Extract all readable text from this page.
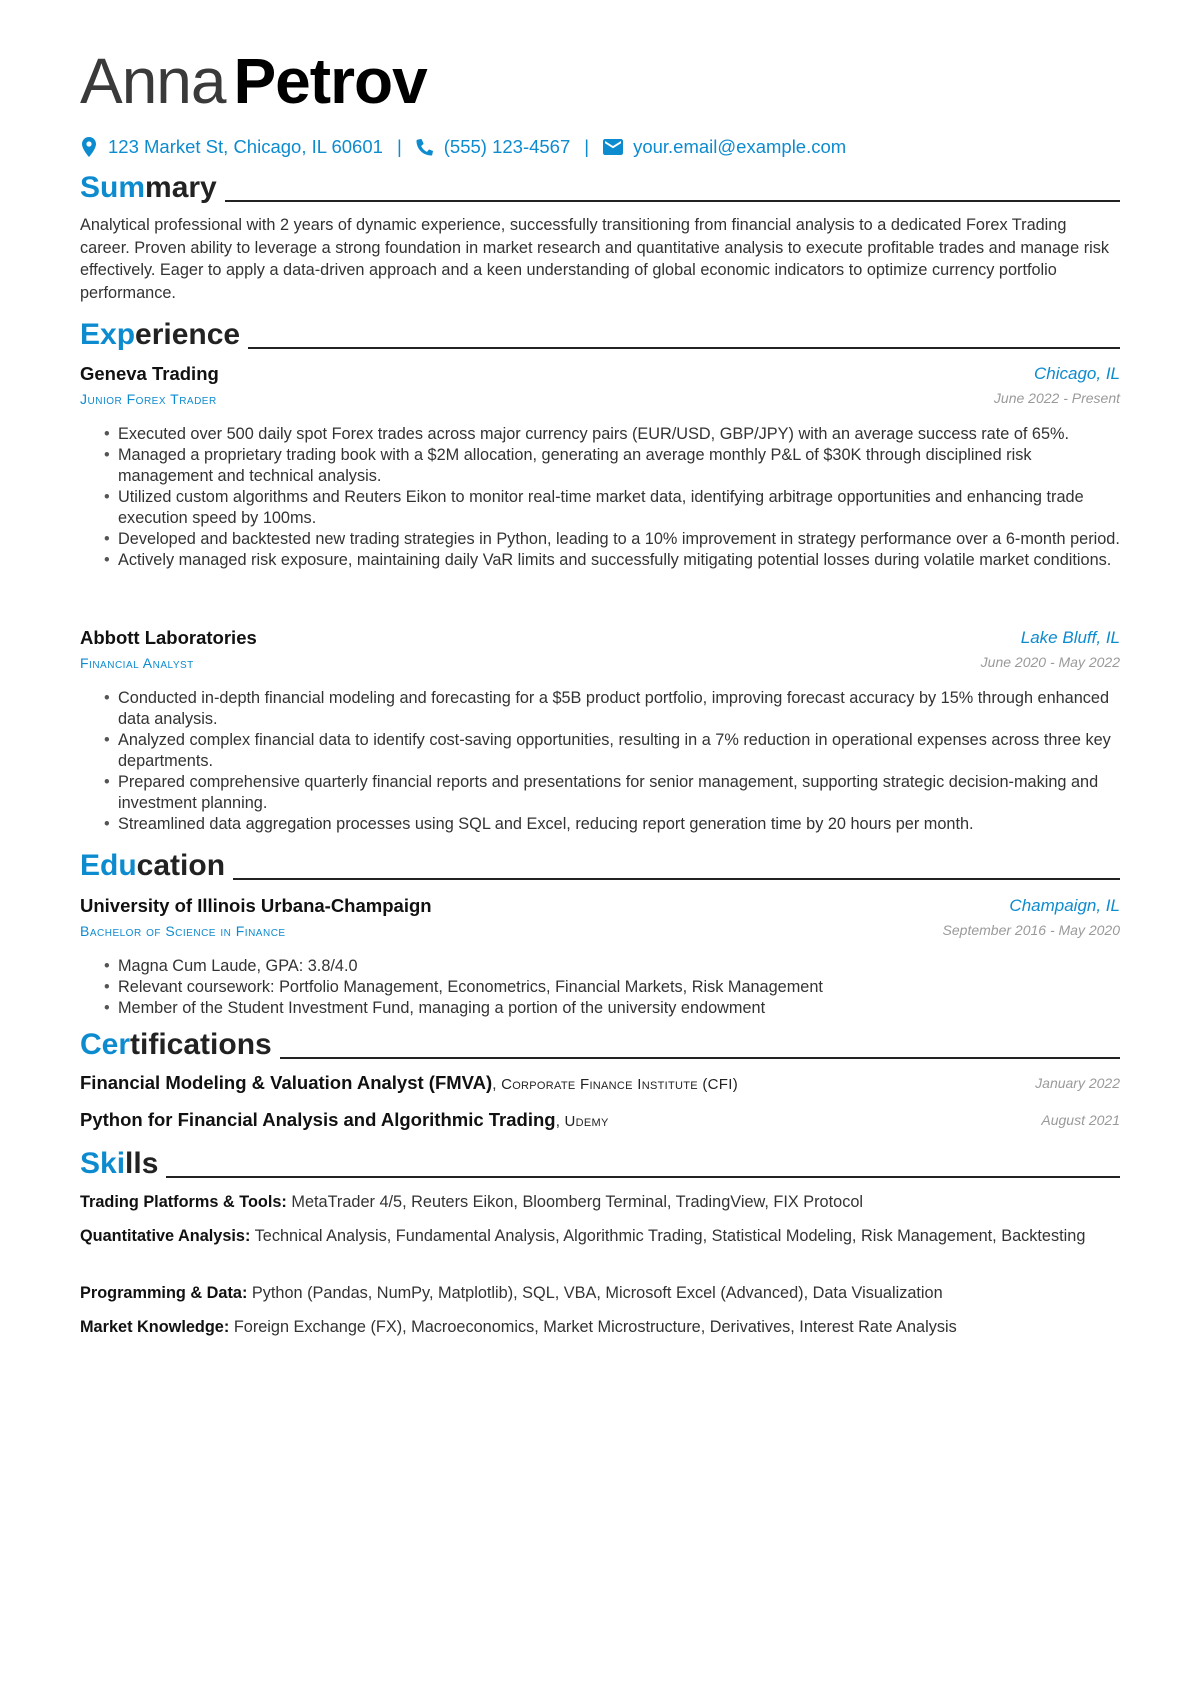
Anna Petrov
123 Market St, Chicago, IL 60601 | (555) 123-4567 | your.email@example.com
Summary
Analytical professional with 2 years of dynamic experience, successfully transitioning from financial analysis to a dedicated Forex Trading career. Proven ability to leverage a strong foundation in market research and quantitative analysis to execute profitable trades and manage risk effectively. Eager to apply a data-driven approach and a keen understanding of global economic indicators to optimize currency portfolio performance.
Experience
Geneva Trading	Chicago, IL
Junior Forex Trader	June 2022 - Present
• Executed over 500 daily spot Forex trades across major currency pairs (EUR/USD, GBP/JPY) with an average success rate of 65%.
• Managed a proprietary trading book with a $2M allocation, generating an average monthly P&L of $30K through disciplined risk management and technical analysis.
• Utilized custom algorithms and Reuters Eikon to monitor real-time market data, identifying arbitrage opportunities and enhancing trade execution speed by 100ms.
• Developed and backtested new trading strategies in Python, leading to a 10% improvement in strategy performance over a 6-month period.
• Actively managed risk exposure, maintaining daily VaR limits and successfully mitigating potential losses during volatile market conditions.
Abbott Laboratories	Lake Bluff, IL
Financial Analyst	June 2020 - May 2022
• Conducted in-depth financial modeling and forecasting for a $5B product portfolio, improving forecast accuracy by 15% through enhanced data analysis.
• Analyzed complex financial data to identify cost-saving opportunities, resulting in a 7% reduction in operational expenses across three key departments.
• Prepared comprehensive quarterly financial reports and presentations for senior management, supporting strategic decision-making and investment planning.
• Streamlined data aggregation processes using SQL and Excel, reducing report generation time by 20 hours per month.
Education
University of Illinois Urbana-Champaign	Champaign, IL
Bachelor of Science in Finance	September 2016 - May 2020
• Magna Cum Laude, GPA: 3.8/4.0
• Relevant coursework: Portfolio Management, Econometrics, Financial Markets, Risk Management
• Member of the Student Investment Fund, managing a portion of the university endowment
Certifications
Financial Modeling & Valuation Analyst (FMVA), Corporate Finance Institute (CFI)	January 2022
Python for Financial Analysis and Algorithmic Trading, Udemy	August 2021
Skills
Trading Platforms & Tools: MetaTrader 4/5, Reuters Eikon, Bloomberg Terminal, TradingView, FIX Protocol
Quantitative Analysis: Technical Analysis, Fundamental Analysis, Algorithmic Trading, Statistical Modeling, Risk Management, Backtesting
Programming & Data: Python (Pandas, NumPy, Matplotlib), SQL, VBA, Microsoft Excel (Advanced), Data Visualization
Market Knowledge: Foreign Exchange (FX), Macroeconomics, Market Microstructure, Derivatives, Interest Rate Analysis
